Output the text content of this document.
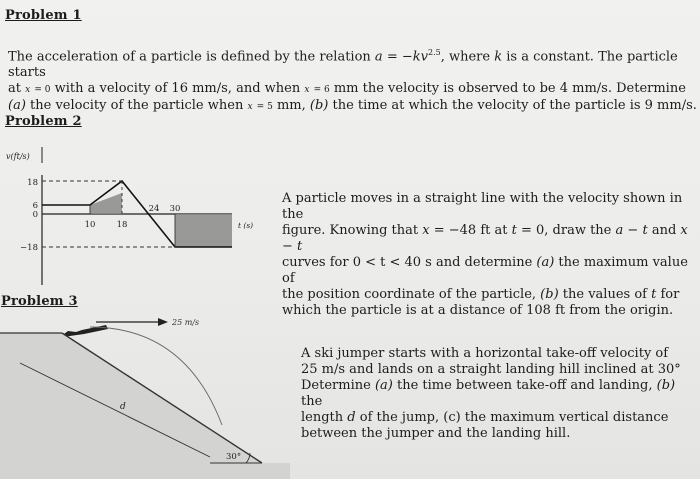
Problem 1
The acceleration of a particle is defined by the relation $a = -kv^{2.5}$, where k is a constant. The particle starts
at x = 0 with a velocity of 16 mm/s, and when x = 6 mm the velocity is observed to be 4 mm/s. Determine
(a) the velocity of the particle when x = 5 mm, (b) the time at which the velocity of the particle is 9 mm/s.
Problem 2
v(ft/s)
18
6
0
−18
10 18
24 30
t (s)
A particle moves in a straight line with the velocity shown in the
figure. Knowing that x = −48 ft at t = 0, draw the a − t and x − t
curves for 0 < t < 40 s and determine (a) the maximum value of
the position coordinate of the particle, (b) the values of t for
which the particle is at a distance of 108 ft from the origin.
Problem 3
25 m/s
d
30°
A ski jumper starts with a horizontal take-off velocity of
25 m/s and lands on a straight landing hill inclined at 30°
Determine (a) the time between take-off and landing, (b) the
length d of the jump, (c) the maximum vertical distance
between the jumper and the landing hill.
